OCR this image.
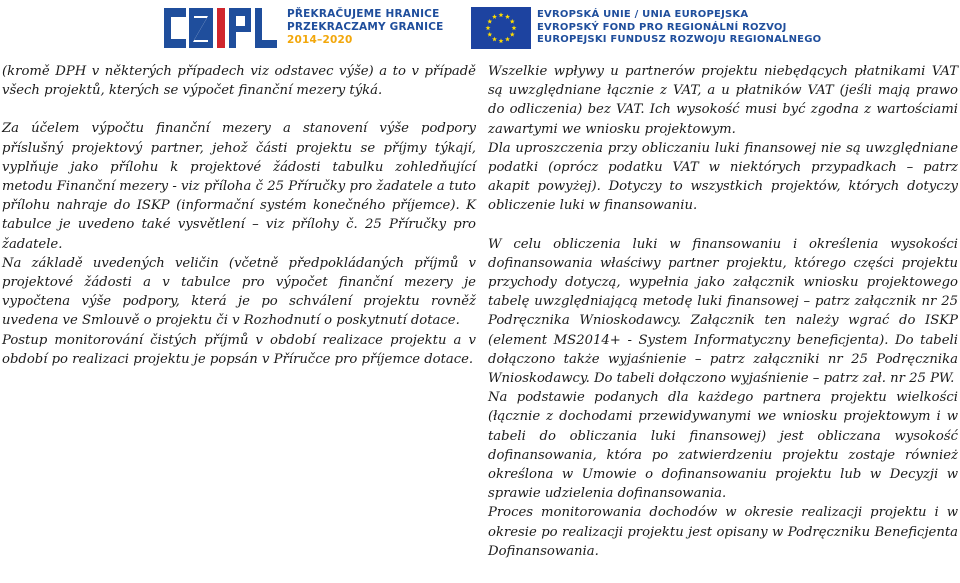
PŘEKRAČUJEME HRANICE
PRZEKRACZAMY GRANICE
2014–2020
EVROPSKÁ UNIE / UNIA EUROPEJSKA
EVROPSKÝ FOND PRO REGIONÁLNÍ ROZVOJ
EUROPEJSKI FUNDUSZ ROZWOJU REGIONALNEGO

(kromě DPH v některých případech viz odstavec výše) a to v případě všech projektů, kterých se výpočet finanční mezery týká.

Za účelem výpočtu finanční mezery a stanovení výše podpory příslušný projektový partner, jehož části projektu se příjmy týkají, vyplňuje jako přílohu k projektové žádosti tabulku zohledňující metodu Finanční mezery - viz příloha č 25 Příručky pro žadatele a tuto přílohu nahraje do ISKP (informační systém konečného příjemce). K tabulce je uvedeno také vysvětlení – viz přílohy č. 25 Příručky pro žadatele.

Na základě uvedených veličin (včetně předpokládaných příjmů v projektové žádosti a v tabulce pro výpočet finanční mezery je vypočtena výše podpory, která je po schválení projektu rovněž uvedena ve Smlouvě o projektu či v Rozhodnutí o poskytnutí dotace.

Postup monitorování čistých příjmů v období realizace projektu a v období po realizaci projektu je popsán v Příručce pro příjemce dotace.

Wszelkie wpływy u partnerów projektu niebędących płatnikami VAT są uwzględniane łącznie z VAT, a u płatników VAT (jeśli mają prawo do odliczenia) bez VAT. Ich wysokość musi być zgodna z wartościami zawartymi we wniosku projektowym.

Dla uproszczenia przy obliczaniu luki finansowej nie są uwzględniane podatki (oprócz podatku VAT w niektórych przypadkach – patrz akapit powyżej). Dotyczy to wszystkich projektów, których dotyczy obliczenie luki w finansowaniu.

W celu obliczenia luki w finansowaniu i określenia wysokości dofinansowania właściwy partner projektu, którego części projektu przychody dotyczą, wypełnia jako załącznik wniosku projektowego tabelę uwzględniającą metodę luki finansowej – patrz załącznik nr 25 Podręcznika Wnioskodawcy. Załącznik ten należy wgrać do ISKP (element MS2014+ - System Informatyczny beneficjenta). Do tabeli dołączono także wyjaśnienie – patrz załączniki nr 25 Podręcznika Wnioskodawcy. Do tabeli dołączono wyjaśnienie – patrz zał. nr 25 PW.

Na podstawie podanych dla każdego partnera projektu wielkości (łącznie z dochodami przewidywanymi we wniosku projektowym i w tabeli do obliczania luki finansowej) jest obliczana wysokość dofinansowania, która po zatwierdzeniu projektu zostaje również określona w Umowie o dofinansowaniu projektu lub w Decyzji w sprawie udzielenia dofinansowania.

Proces monitorowania dochodów w okresie realizacji projektu i w okresie po realizacji projektu jest opisany w Podręczniku Beneficjenta Dofinansowania.
